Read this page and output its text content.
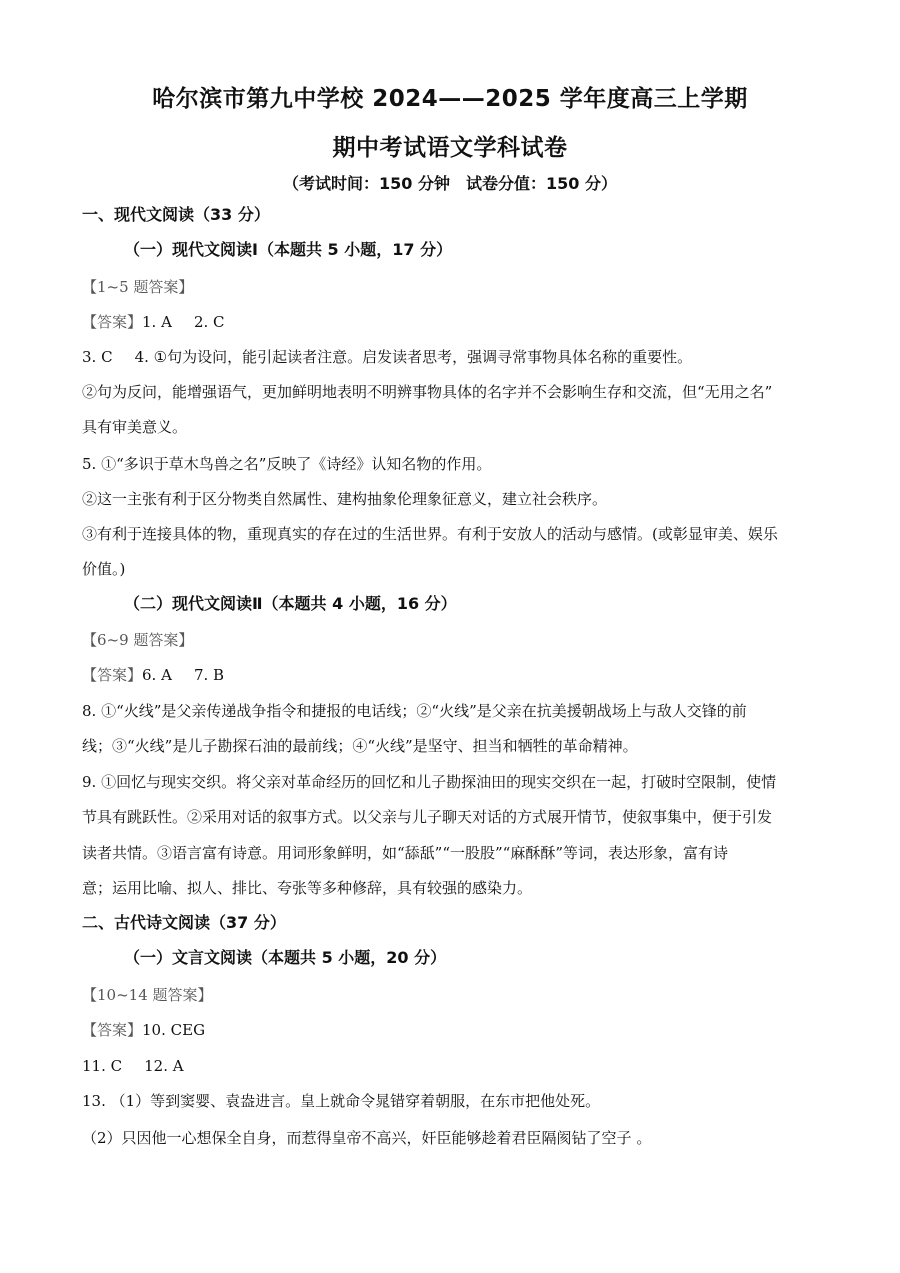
哈尔滨市第九中学校 2024——2025 学年度高三上学期
期中考试语文学科试卷
（考试时间：150 分钟　试卷分值：150 分）
一、现代文阅读（33 分）
（一）现代文阅读Ⅰ（本题共 5 小题，17 分）
【1~5 题答案】
【答案】1. A 2. C
3. C 4. ①句为设问，能引起读者注意。启发读者思考，强调寻常事物具体名称的重要性。
②句为反问，能增强语气，更加鲜明地表明不明辨事物具体的名字并不会影响生存和交流，但“无用之名”
具有审美意义。
5. ①“多识于草木鸟兽之名”反映了《诗经》认知名物的作用。
②这一主张有利于区分物类自然属性、建构抽象伦理象征意义，建立社会秩序。
③有利于连接具体的物，重现真实的存在过的生活世界。有利于安放人的活动与感情。(或彰显审美、娱乐
价值。)
（二）现代文阅读Ⅱ（本题共 4 小题，16 分）
【6~9 题答案】
【答案】6. A 7. B
8. ①“火线”是父亲传递战争指令和捷报的电话线；②“火线”是父亲在抗美援朝战场上与敌人交锋的前
线；③“火线”是儿子勘探石油的最前线；④“火线”是坚守、担当和牺牲的革命精神。
9. ①回忆与现实交织。将父亲对革命经历的回忆和儿子勘探油田的现实交织在一起，打破时空限制，使情
节具有跳跃性。②采用对话的叙事方式。以父亲与儿子聊天对话的方式展开情节，使叙事集中，便于引发
读者共情。③语言富有诗意。用词形象鲜明，如“舔舐”“一股股”“麻酥酥”等词，表达形象，富有诗
意；运用比喻、拟人、排比、夸张等多种修辞，具有较强的感染力。
二、古代诗文阅读（37 分）
（一）文言文阅读（本题共 5 小题，20 分）
【10~14 题答案】
【答案】10. CEG
11. C 12. A
13. （1）等到窦婴、袁盎进言。皇上就命令晁错穿着朝服，在东市把他处死。
（2）只因他一心想保全自身，而惹得皇帝不高兴，奸臣能够趁着君臣隔阂钻了空子 。
